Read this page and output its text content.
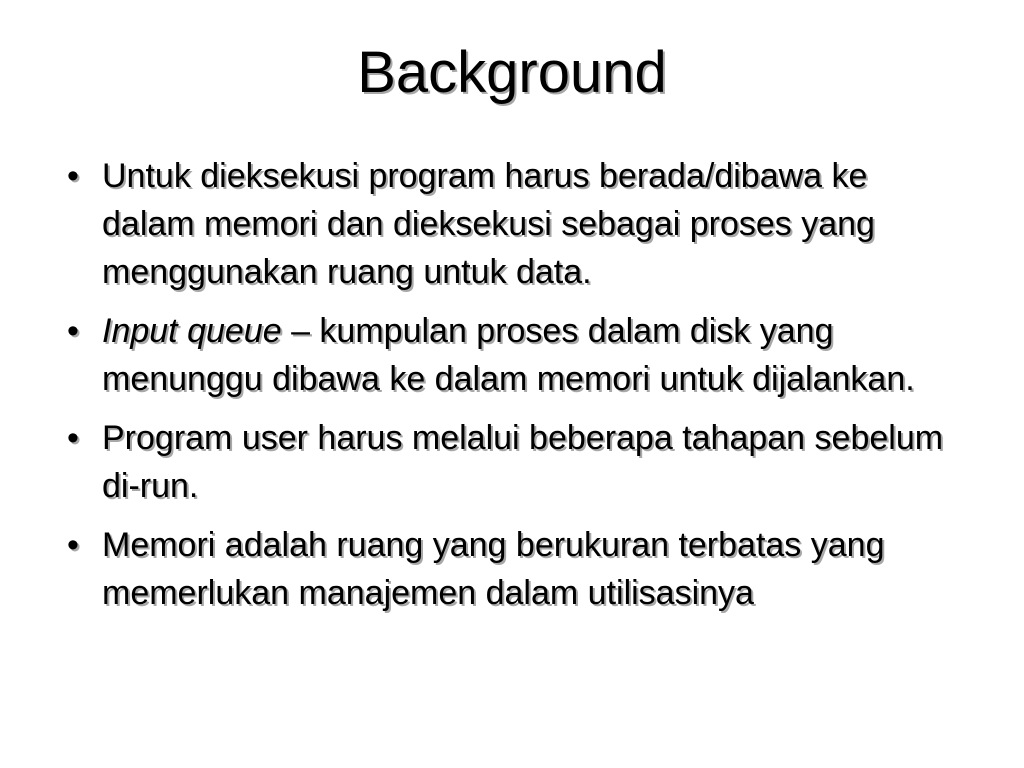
Background
• Untuk dieksekusi program harus berada/dibawa ke dalam memori dan dieksekusi sebagai proses yang menggunakan ruang untuk data.
• Input queue – kumpulan proses dalam disk yang menunggu dibawa ke dalam memori untuk dijalankan.
• Program user harus melalui beberapa tahapan sebelum di-run.
• Memori adalah ruang yang berukuran terbatas yang memerlukan manajemen dalam utilisasinya
